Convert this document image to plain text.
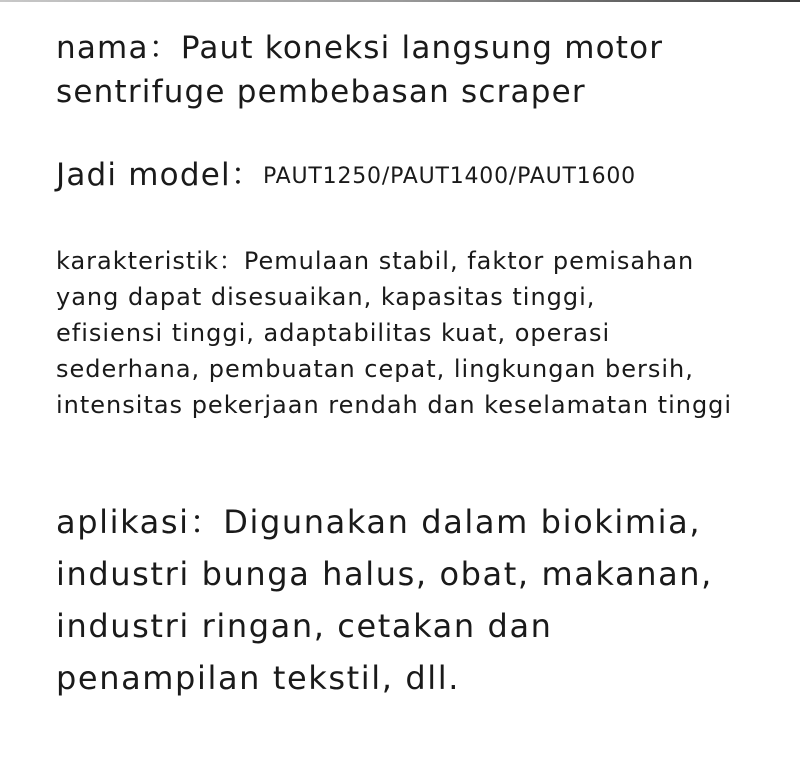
nama：Paut koneksi langsung motor
sentrifuge pembebasan scraper
Jadi model：PAUT1250/PAUT1400/PAUT1600
karakteristik：Pemulaan stabil, faktor pemisahan
yang dapat disesuaikan, kapasitas tinggi,
efisiensi tinggi, adaptabilitas kuat, operasi
sederhana, pembuatan cepat, lingkungan bersih,
intensitas pekerjaan rendah dan keselamatan tinggi
aplikasi：Digunakan dalam biokimia,
industri bunga halus, obat, makanan,
industri ringan, cetakan dan
penampilan tekstil, dll.
